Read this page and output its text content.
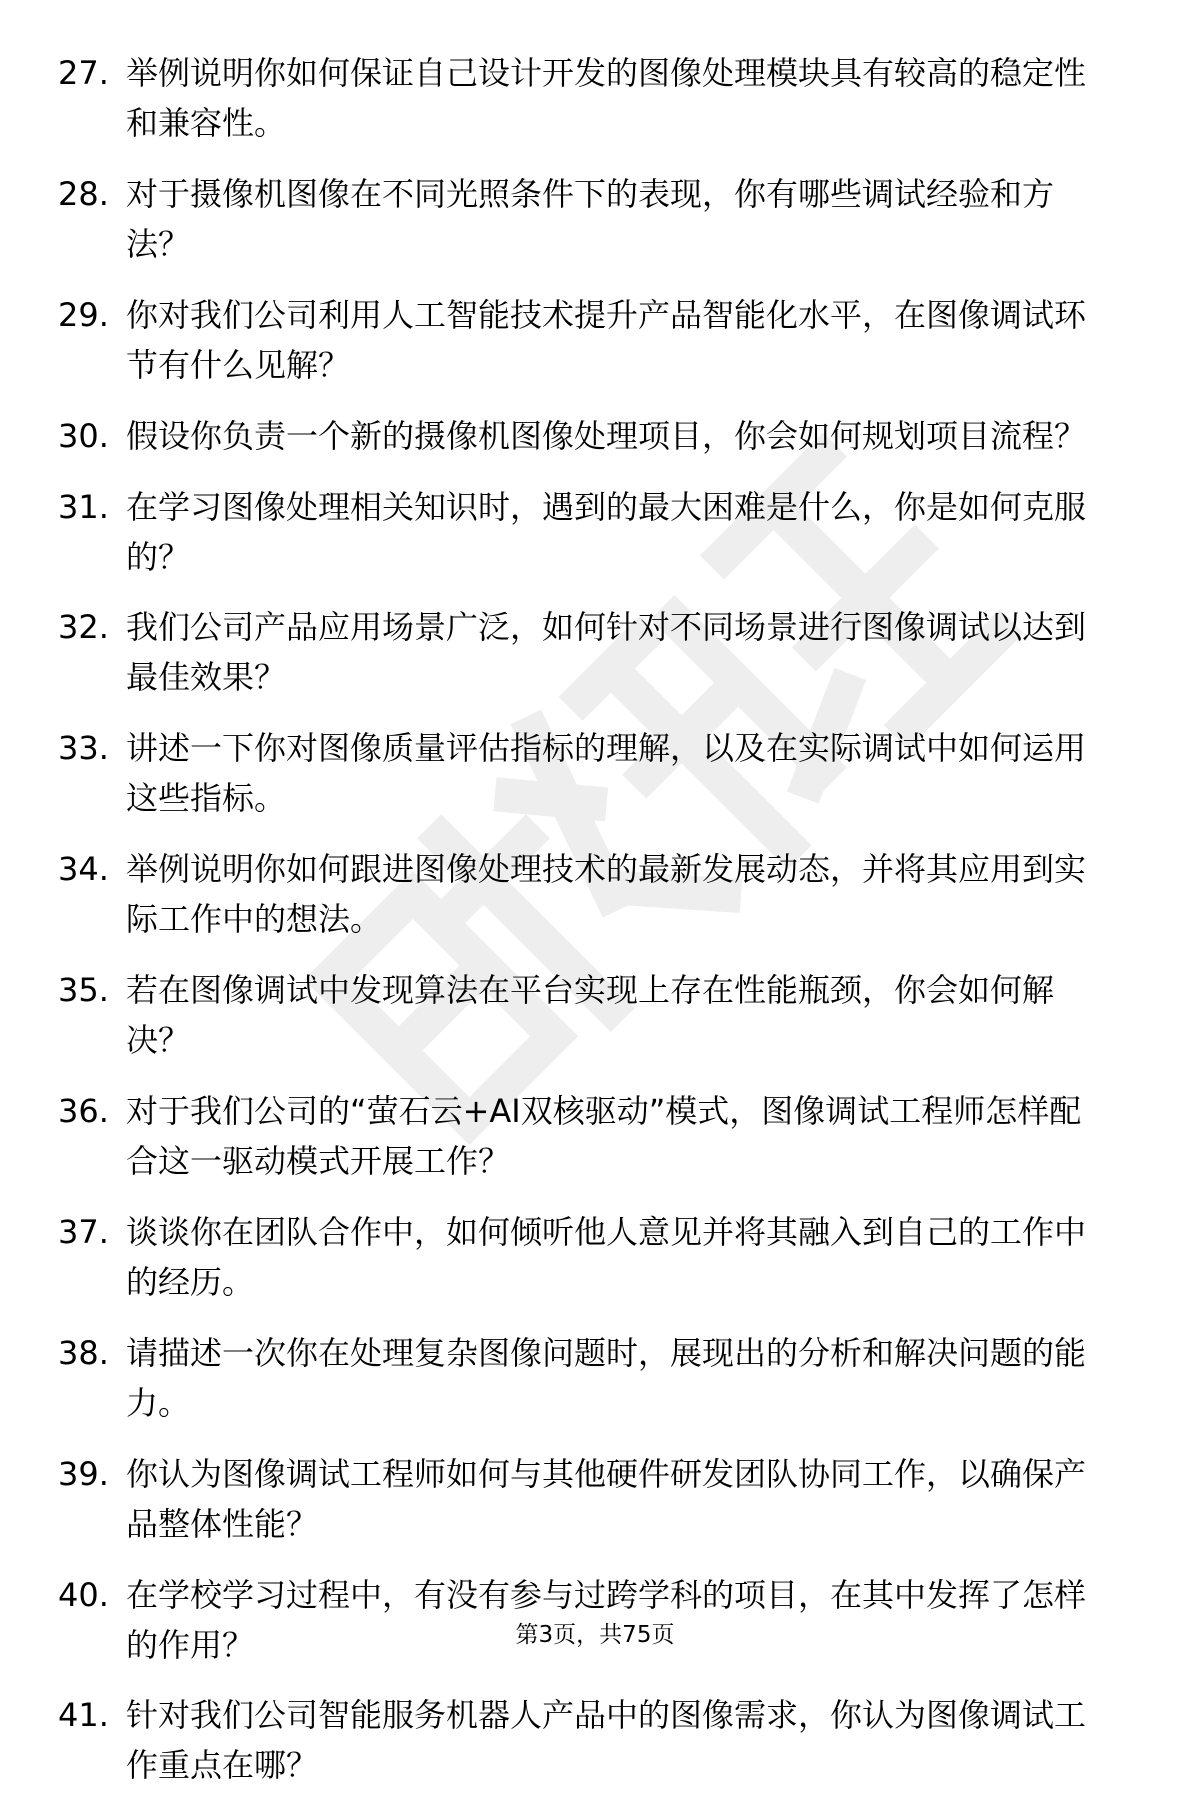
27. 举例说明你如何保证自己设计开发的图像处理模块具有较高的稳定性和兼容性。
28. 对于摄像机图像在不同光照条件下的表现，你有哪些调试经验和方法？
29. 你对我们公司利用人工智能技术提升产品智能化水平，在图像调试环节有什么见解？
30. 假设你负责一个新的摄像机图像处理项目，你会如何规划项目流程？
31. 在学习图像处理相关知识时，遇到的最大困难是什么，你是如何克服的？
32. 我们公司产品应用场景广泛，如何针对不同场景进行图像调试以达到最佳效果？
33. 讲述一下你对图像质量评估指标的理解，以及在实际调试中如何运用这些指标。
34. 举例说明你如何跟进图像处理技术的最新发展动态，并将其应用到实际工作中的想法。
35. 若在图像调试中发现算法在平台实现上存在性能瓶颈，你会如何解决？
36. 对于我们公司的“萤石云+AI双核驱动”模式，图像调试工程师怎样配合这一驱动模式开展工作？
37. 谈谈你在团队合作中，如何倾听他人意见并将其融入到自己的工作中的经历。
38. 请描述一次你在处理复杂图像问题时，展现出的分析和解决问题的能力。
39. 你认为图像调试工程师如何与其他硬件研发团队协同工作，以确保产品整体性能？
40. 在学校学习过程中，有没有参与过跨学科的项目，在其中发挥了怎样的作用？
41. 针对我们公司智能服务机器人产品中的图像需求，你认为图像调试工作重点在哪？
第3页，共75页
